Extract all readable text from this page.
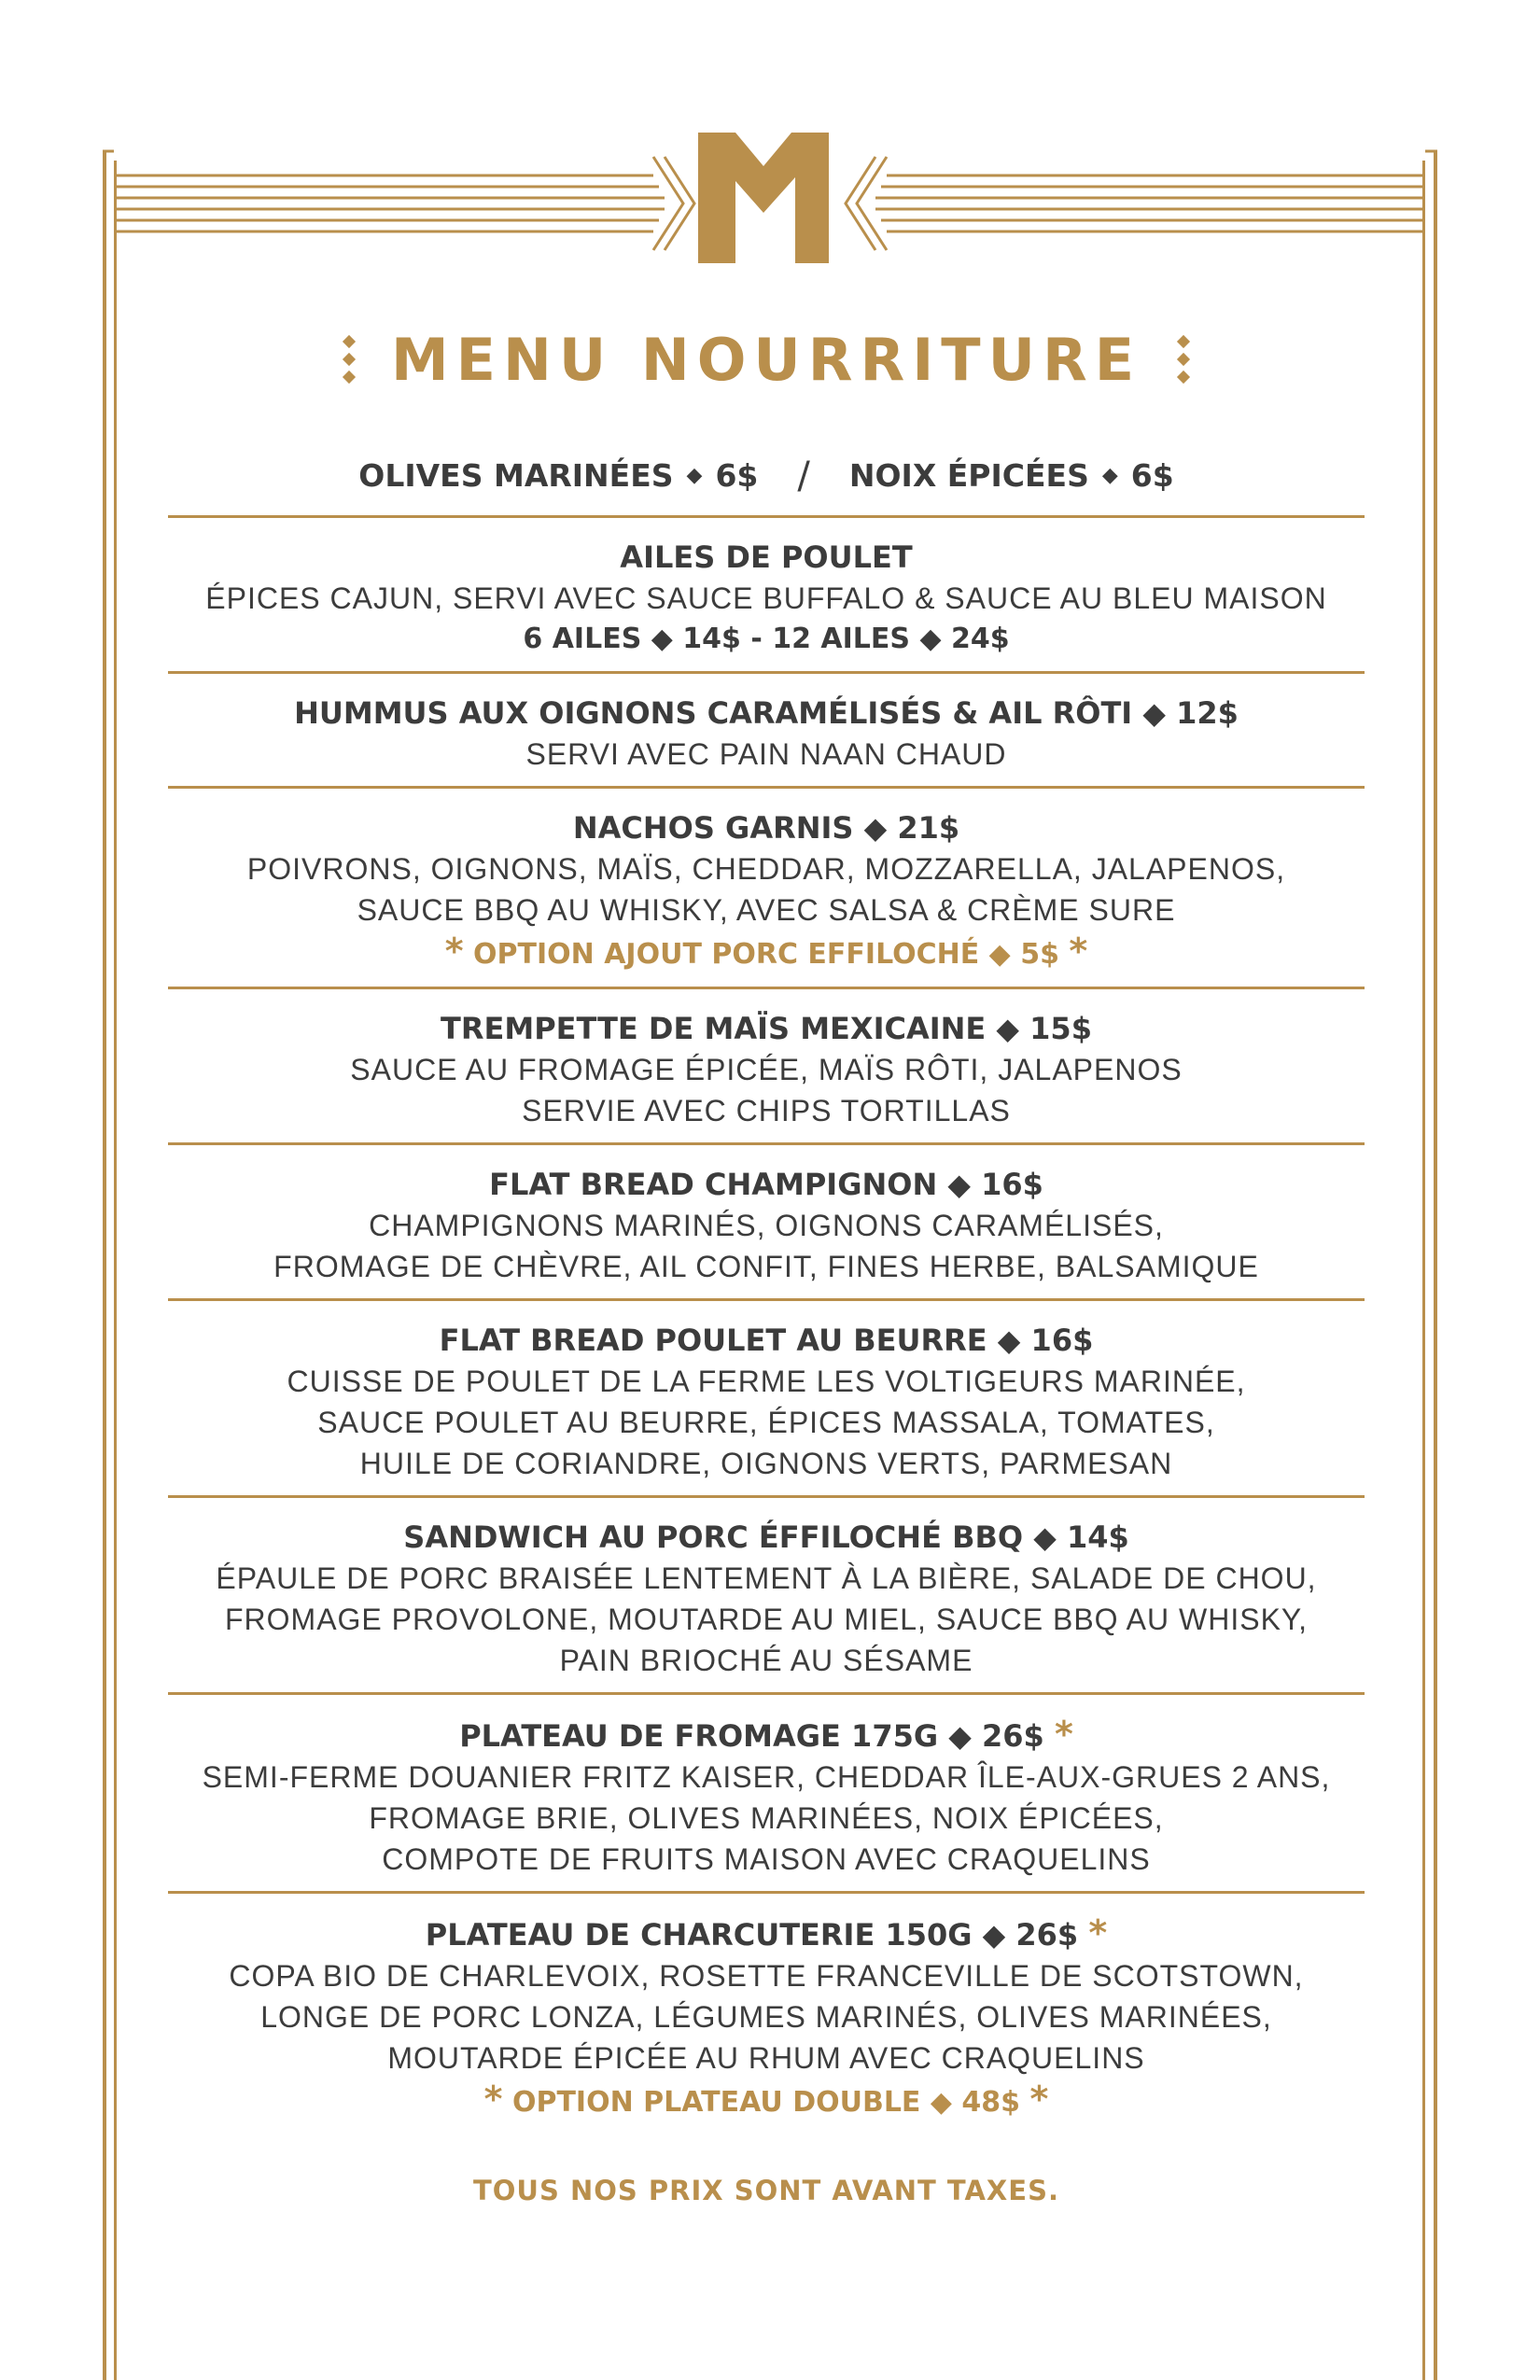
MENU NOURRITURE
OLIVES MARINÉES ◆ 6$ / NOIX ÉPICÉES ◆ 6$
AILES DE POULET
ÉPICES CAJUN, SERVI AVEC SAUCE BUFFALO & SAUCE AU BLEU MAISON
6 AILES ◆ 14$ - 12 AILES ◆ 24$
HUMMUS AUX OIGNONS CARAMÉLISÉS & AIL RÔTI ◆ 12$
SERVI AVEC PAIN NAAN CHAUD
NACHOS GARNIS ◆ 21$
POIVRONS, OIGNONS, MAÏS, CHEDDAR, MOZZARELLA, JALAPENOS,
SAUCE BBQ AU WHISKY, AVEC SALSA & CRÈME SURE
* OPTION AJOUT PORC EFFILOCHÉ ◆ 5$ *
TREMPETTE DE MAÏS MEXICAINE ◆ 15$
SAUCE AU FROMAGE ÉPICÉE, MAÏS RÔTI, JALAPENOS
SERVIE AVEC CHIPS TORTILLAS
FLAT BREAD CHAMPIGNON ◆ 16$
CHAMPIGNONS MARINÉS, OIGNONS CARAMÉLISÉS,
FROMAGE DE CHÈVRE, AIL CONFIT, FINES HERBE, BALSAMIQUE
FLAT BREAD POULET AU BEURRE ◆ 16$
CUISSE DE POULET DE LA FERME LES VOLTIGEURS MARINÉE,
SAUCE POULET AU BEURRE, ÉPICES MASSALA, TOMATES,
HUILE DE CORIANDRE, OIGNONS VERTS, PARMESAN
SANDWICH AU PORC ÉFFILOCHÉ BBQ ◆ 14$
ÉPAULE DE PORC BRAISÉE LENTEMENT À LA BIÈRE, SALADE DE CHOU,
FROMAGE PROVOLONE, MOUTARDE AU MIEL, SAUCE BBQ AU WHISKY,
PAIN BRIOCHÉ AU SÉSAME
PLATEAU DE FROMAGE 175G ◆ 26$ *
SEMI-FERME DOUANIER FRITZ KAISER, CHEDDAR ÎLE-AUX-GRUES 2 ANS,
FROMAGE BRIE, OLIVES MARINÉES, NOIX ÉPICÉES,
COMPOTE DE FRUITS MAISON AVEC CRAQUELINS
PLATEAU DE CHARCUTERIE 150G ◆ 26$ *
COPA BIO DE CHARLEVOIX, ROSETTE FRANCEVILLE DE SCOTSTOWN,
LONGE DE PORC LONZA, LÉGUMES MARINÉS, OLIVES MARINÉES,
MOUTARDE ÉPICÉE AU RHUM AVEC CRAQUELINS
* OPTION PLATEAU DOUBLE ◆ 48$ *
TOUS NOS PRIX SONT AVANT TAXES.
